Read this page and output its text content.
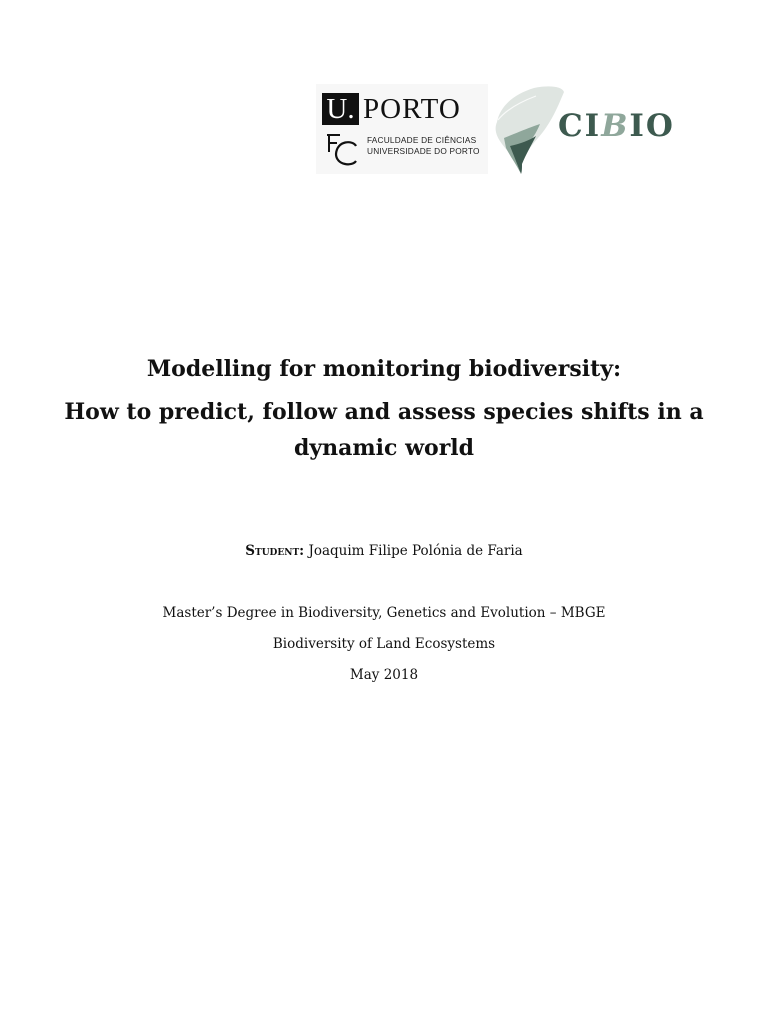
U. PORTO
FACULDADE DE CIÊNCIAS
UNIVERSIDADE DO PORTO
CIBIO
Modelling for monitoring biodiversity:
How to predict, follow and assess species shifts in a dynamic world
Student: Joaquim Filipe Polónia de Faria
Master’s Degree in Biodiversity, Genetics and Evolution – MBGE
Biodiversity of Land Ecosystems
May 2018
